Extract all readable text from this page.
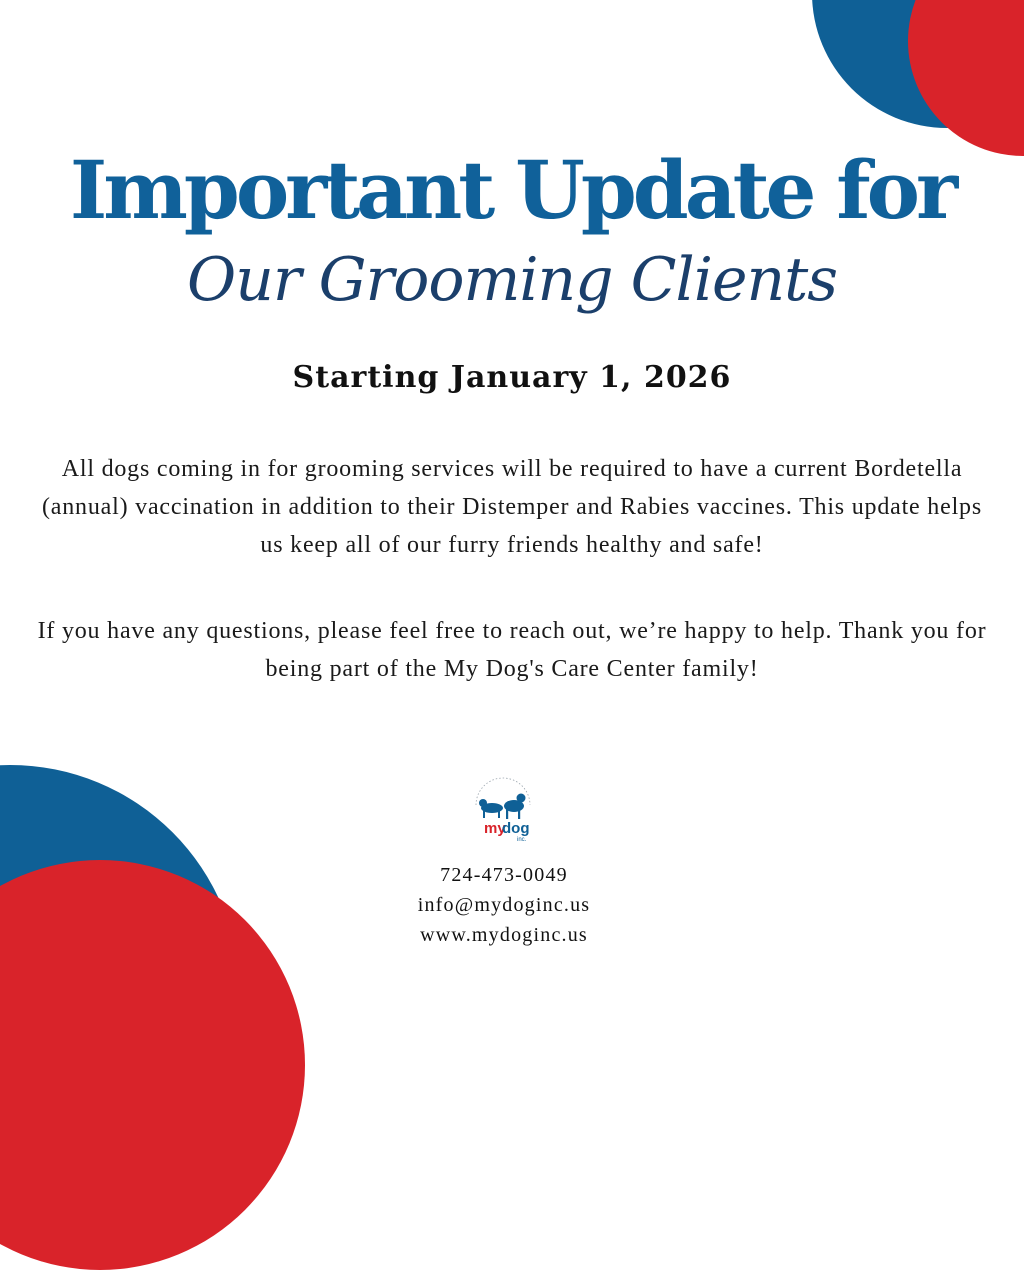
Important Update for
Our Grooming Clients
Starting January 1, 2026
All dogs coming in for grooming services will be required to have a current Bordetella (annual) vaccination in addition to their Distemper and Rabies vaccines. This update helps us keep all of our furry friends healthy and safe!
If you have any questions, please feel free to reach out, we’re happy to help. Thank you for being part of the My Dog's Care Center family!
my
dog
inc.
724-473-0049
info@mydoginc.us
www.mydoginc.us
